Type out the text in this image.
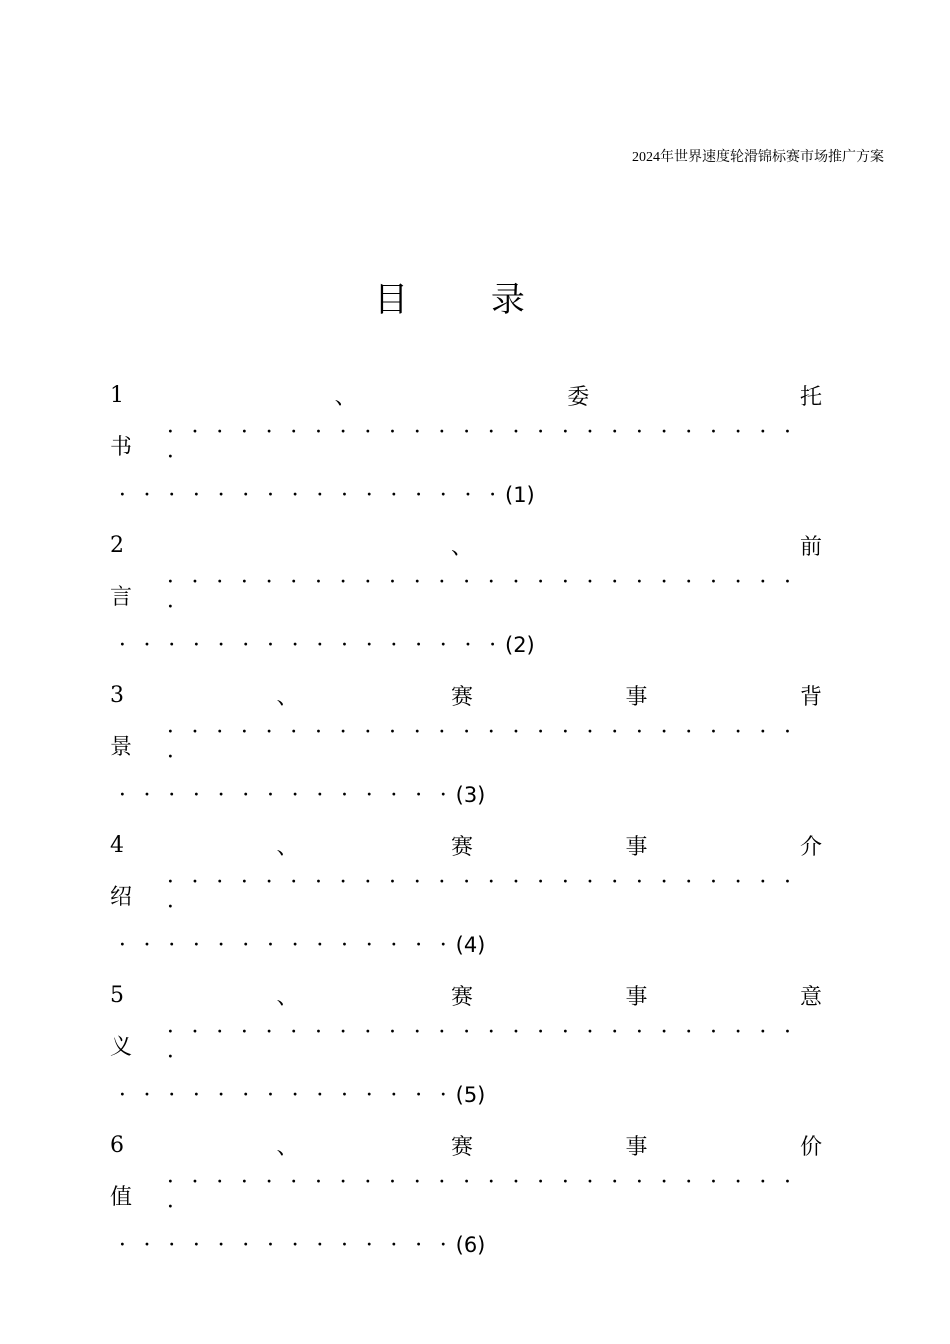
2024年世界速度轮滑锦标赛市场推广方案
目 录
1	、	委	托
书
· · · · · · · · · · · · · · · · · · · · · · · · · ··
· · · · · · · · · · · · · · · · (1)
2	、	前
言
· · · · · · · · · · · · · · · · · · · · · · · · · ··
· · · · · · · · · · · · · · · · (2)
3	、	赛	事	背
景
· · · · · · · · · · · · · · · · · · · · · · · · · ··
· · · · · · · · · · · · · · (3)
4	、	赛	事	介
绍
· · · · · · · · · · · · · · · · · · · · · · · · · ··
· · · · · · · · · · · · · · (4)
5	、	赛	事	意
义
· · · · · · · · · · · · · · · · · · · · · · · · · ··
· · · · · · · · · · · · · · (5)
6	、	赛	事	价
值
· · · · · · · · · · · · · · · · · · · · · · · · · ··
· · · · · · · · · · · · · · (6)
